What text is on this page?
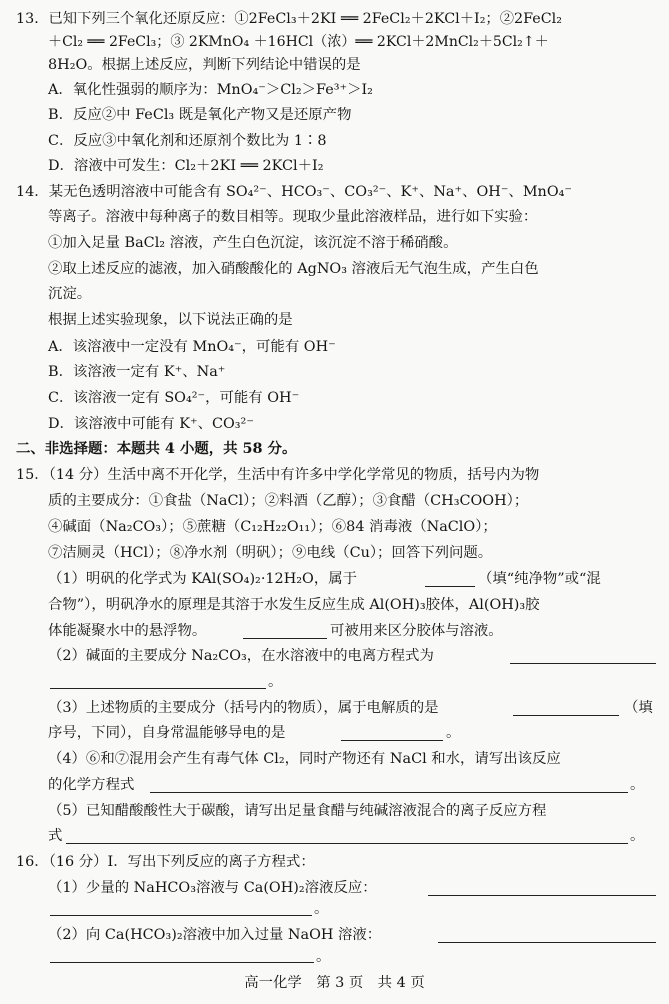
13．已知下列三个氧化还原反应：①2FeCl₃＋2KI ══ 2FeCl₂＋2KCl＋I₂；②2FeCl₂
＋Cl₂ ══ 2FeCl₃；③ 2KMnO₄ ＋16HCl（浓）══ 2KCl＋2MnCl₂＋5Cl₂↑＋
8H₂O。根据上述反应，判断下列结论中错误的是
A．氧化性强弱的顺序为：MnO₄⁻＞Cl₂＞Fe³⁺＞I₂
B．反应②中 FeCl₃ 既是氧化产物又是还原产物
C．反应③中氧化剂和还原剂个数比为 1∶8
D．溶液中可发生：Cl₂＋2KI ══ 2KCl＋I₂
14．某无色透明溶液中可能含有 SO₄²⁻、HCO₃⁻、CO₃²⁻、K⁺、Na⁺、OH⁻、MnO₄⁻
等离子。溶液中每种离子的数目相等。现取少量此溶液样品，进行如下实验：
①加入足量 BaCl₂ 溶液，产生白色沉淀，该沉淀不溶于稀硝酸。
②取上述反应的滤液，加入硝酸酸化的 AgNO₃ 溶液后无气泡生成，产生白色
沉淀。
根据上述实验现象，以下说法正确的是
A．该溶液中一定没有 MnO₄⁻，可能有 OH⁻
B．该溶液一定有 K⁺、Na⁺
C．该溶液一定有 SO₄²⁻，可能有 OH⁻
D．该溶液中可能有 K⁺、CO₃²⁻
二、非选择题：本题共 4 小题，共 58 分。
15．（14 分）生活中离不开化学，生活中有许多中学化学常见的物质，括号内为物
质的主要成分：①食盐（NaCl）；②料酒（乙醇）；③食醋（CH₃COOH）；
④碱面（Na₂CO₃）；⑤蔗糖（C₁₂H₂₂O₁₁）；⑥84 消毒液（NaClO）；
⑦洁厕灵（HCl）；⑧净水剂（明矾）；⑨电线（Cu）；回答下列问题。
（1）明矾的化学式为 KAl(SO₄)₂·12H₂O，属于	（填“纯净物”或“混
合物”），明矾净水的原理是其溶于水发生反应生成 Al(OH)₃胶体，Al(OH)₃胶
体能凝聚水中的悬浮物。	可被用来区分胶体与溶液。
（2）碱面的主要成分 Na₂CO₃，在水溶液中的电离方程式为
。
（3）上述物质的主要成分（括号内的物质），属于电解质的是	（填
序号，下同），自身常温能够导电的是	。
（4）⑥和⑦混用会产生有毒气体 Cl₂，同时产物还有 NaCl 和水，请写出该反应
的化学方程式	。
（5）已知醋酸酸性大于碳酸，请写出足量食醋与纯碱溶液混合的离子反应方程
式	。
16．（16 分）Ⅰ．写出下列反应的离子方程式：
（1）少量的 NaHCO₃溶液与 Ca(OH)₂溶液反应：
。
（2）向 Ca(HCO₃)₂溶液中加入过量 NaOH 溶液：
。
高一化学　第 3 页　共 4 页
